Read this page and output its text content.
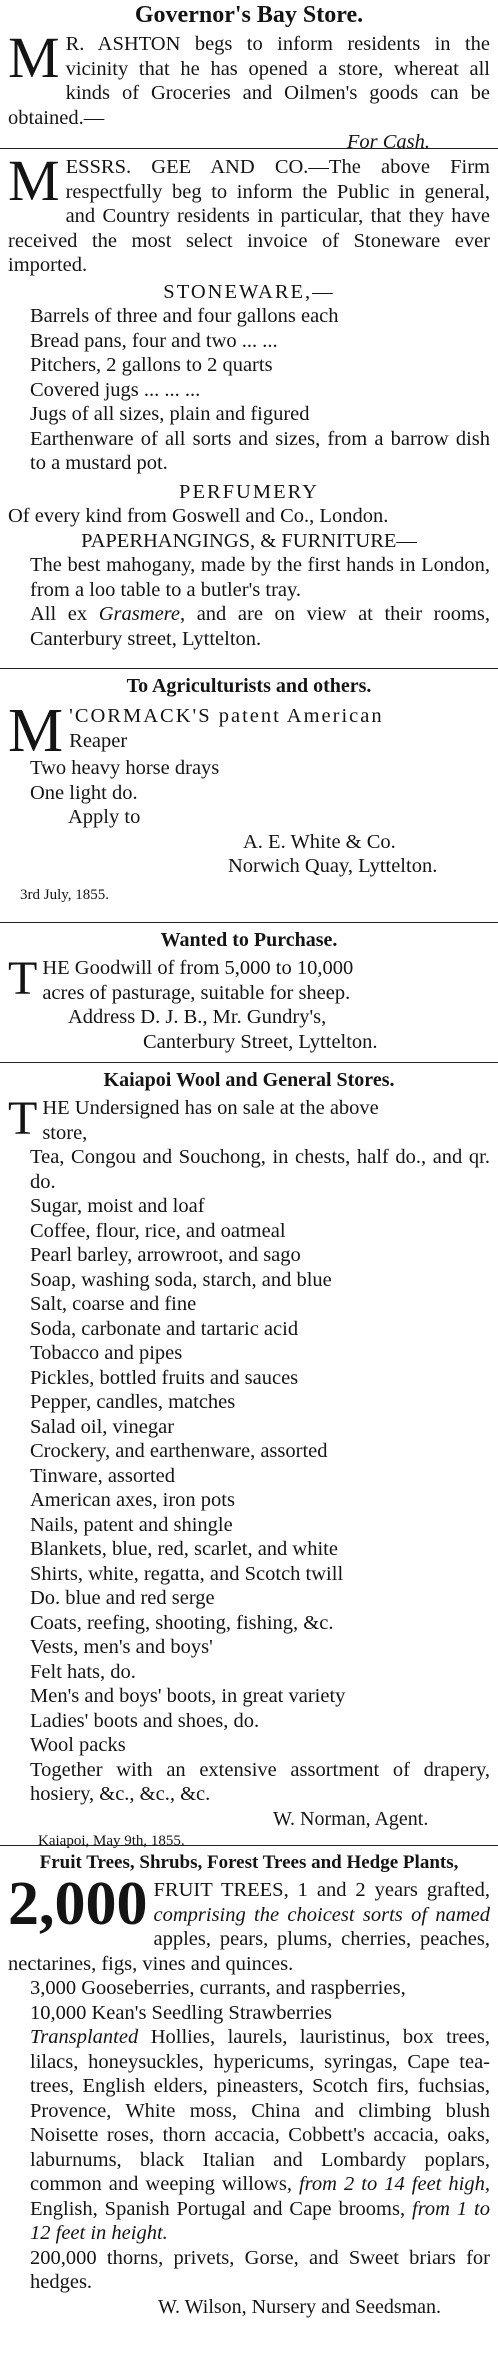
Governor's Bay Store.
M R. ASHTON begs to inform residents in the vicinity that he has opened a store, whereat all kinds of Groceries and Oilmen's goods can be obtained.—
For Cash.
M ESSRS. GEE AND CO.—The above Firm respectfully beg to inform the Public in general, and Country residents in particular, that they have received the most select invoice of Stoneware ever imported.
STONEWARE,—
Barrels of three and four gallons each
Bread pans, four and two ... ...
Pitchers, 2 gallons to 2 quarts
Covered jugs ... ... ...
Jugs of all sizes, plain and figured
Earthenware of all sorts and sizes, from a barrow dish to a mustard pot.
PERFUMERY
Of every kind from Goswell and Co., London.
PAPERHANGINGS, & FURNITURE—
The best mahogany, made by the first hands in London, from a loo table to a butler's tray.
All ex Grasmere, and are on view at their rooms, Canterbury street, Lyttelton.
To Agriculturists and others.
M 'CORMACK'S patent American
Reaper
Two heavy horse drays
One light do.
Apply to
A. E. White & Co.
Norwich Quay, Lyttelton.
3rd July, 1855.
Wanted to Purchase.
T HE Goodwill of from 5,000 to 10,000
acres of pasturage, suitable for sheep.
Address D. J. B., Mr. Gundry's,
Canterbury Street, Lyttelton.
Kaiapoi Wool and General Stores.
T HE Undersigned has on sale at the above
store,
Tea, Congou and Souchong, in chests, half do., and qr. do.
Sugar, moist and loaf
Coffee, flour, rice, and oatmeal
Pearl barley, arrowroot, and sago
Soap, washing soda, starch, and blue
Salt, coarse and fine
Soda, carbonate and tartaric acid
Tobacco and pipes
Pickles, bottled fruits and sauces
Pepper, candles, matches
Salad oil, vinegar
Crockery, and earthenware, assorted
Tinware, assorted
American axes, iron pots
Nails, patent and shingle
Blankets, blue, red, scarlet, and white
Shirts, white, regatta, and Scotch twill
Do. blue and red serge
Coats, reefing, shooting, fishing, &c.
Vests, men's and boys'
Felt hats, do.
Men's and boys' boots, in great variety
Ladies' boots and shoes, do.
Wool packs
Together with an extensive assortment of drapery, hosiery, &c., &c., &c.
W. Norman, Agent.
Kaiapoi, May 9th, 1855.
Fruit Trees, Shrubs, Forest Trees and Hedge Plants,
2,000 FRUIT TREES, 1 and 2 years grafted, comprising the choicest sorts of named apples, pears, plums, cherries, peaches, nectarines, figs, vines and quinces.
3,000 Gooseberries, currants, and raspberries,
10,000 Kean's Seedling Strawberries
Transplanted Hollies, laurels, lauristinus, box trees, lilacs, honeysuckles, hypericums, syringas, Cape tea-trees, English elders, pineasters, Scotch firs, fuchsias, Provence, White moss, China and climbing blush Noisette roses, thorn accacia, Cobbett's accacia, oaks, laburnums, black Italian and Lombardy poplars, common and weeping willows, from 2 to 14 feet high, English, Spanish Portugal and Cape brooms, from 1 to 12 feet in height.
200,000 thorns, privets, Gorse, and Sweet briars for hedges.
W. Wilson, Nursery and Seedsman.
